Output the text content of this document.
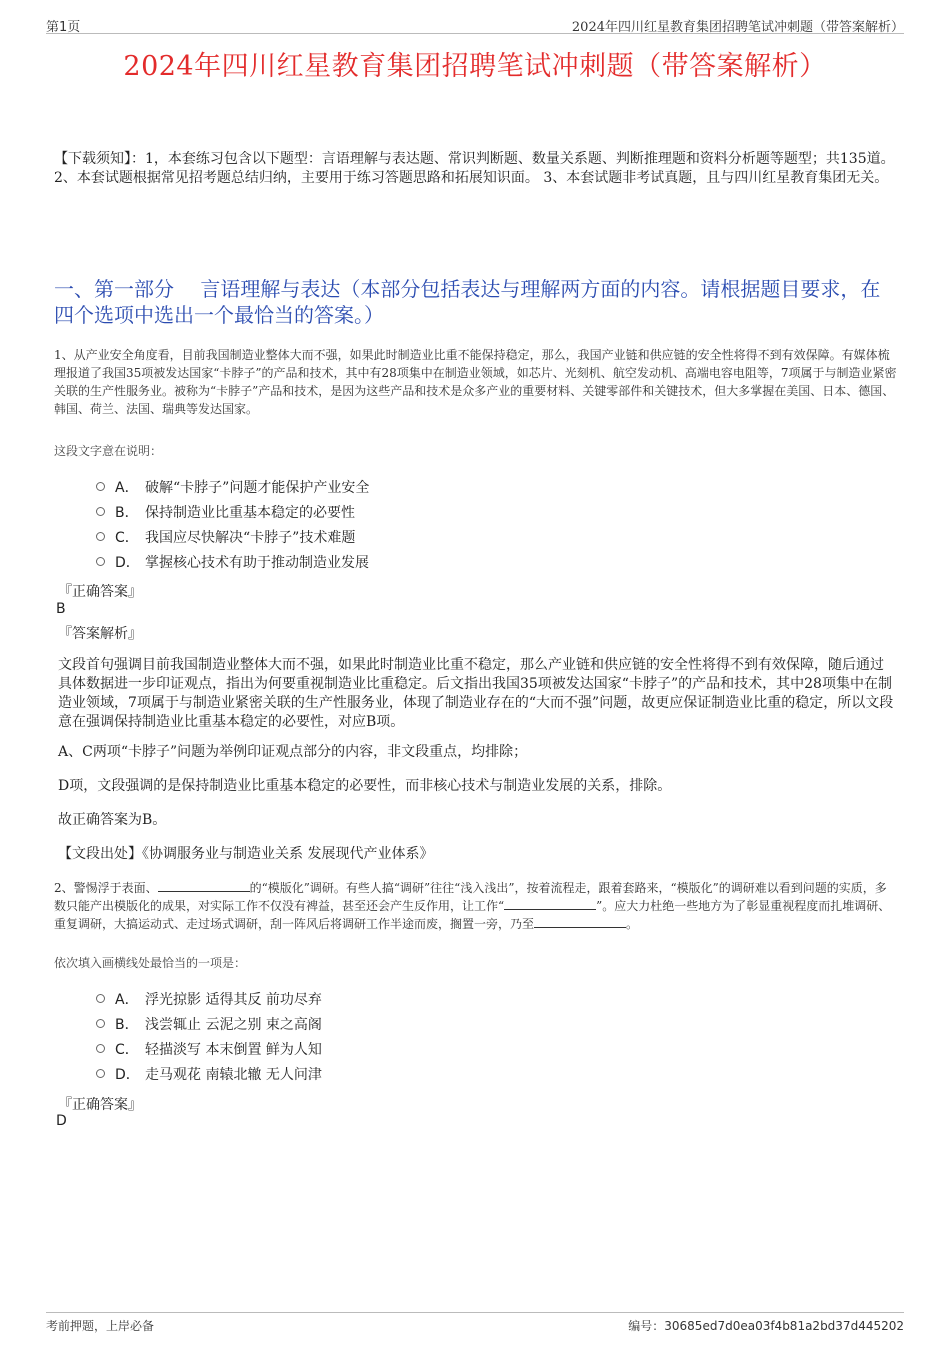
第1页	2024年四川红星教育集团招聘笔试冲刺题（带答案解析）
2024年四川红星教育集团招聘笔试冲刺题（带答案解析）
【下载须知】：1，本套练习包含以下题型：言语理解与表达题、常识判断题、数量关系题、判断推理题和资料分析题等题型；共135道。 2、本套试题根据常见招考题总结归纳，主要用于练习答题思路和拓展知识面。 3、本套试题非考试真题，且与四川红星教育集团无关。
一、第一部分　 言语理解与表达（本部分包括表达与理解两方面的内容。请根据题目要求，在四个选项中选出一个最恰当的答案。）
1、从产业安全角度看，目前我国制造业整体大而不强，如果此时制造业比重不能保持稳定，那么，我国产业链和供应链的安全性将得不到有效保障。有媒体梳理报道了我国35项被发达国家“卡脖子”的产品和技术，其中有28项集中在制造业领域，如芯片、光刻机、航空发动机、高端电容电阻等，7项属于与制造业紧密关联的生产性服务业。被称为“卡脖子”产品和技术，是因为这些产品和技术是众多产业的重要材料、关键零部件和关键技术，但大多掌握在美国、日本、德国、韩国、荷兰、法国、瑞典等发达国家。
这段文字意在说明：
A． 破解“卡脖子”问题才能保护产业安全
B． 保持制造业比重基本稳定的必要性
C． 我国应尽快解决“卡脖子”技术难题
D． 掌握核心技术有助于推动制造业发展
『正确答案』
B
『答案解析』
文段首句强调目前我国制造业整体大而不强，如果此时制造业比重不稳定，那么产业链和供应链的安全性将得不到有效保障，随后通过具体数据进一步印证观点，指出为何要重视制造业比重稳定。后文指出我国35项被发达国家“卡脖子”的产品和技术，其中28项集中在制造业领域，7项属于与制造业紧密关联的生产性服务业，体现了制造业存在的“大而不强”问题，故更应保证制造业比重的稳定，所以文段意在强调保持制造业比重基本稳定的必要性，对应B项。
A、C两项“卡脖子”问题为举例印证观点部分的内容，非文段重点，均排除；
D项，文段强调的是保持制造业比重基本稳定的必要性，而非核心技术与制造业发展的关系，排除。
故正确答案为B。
【文段出处】《协调服务业与制造业关系 发展现代产业体系》
2、警惕浮于表面、	的“模版化”调研。有些人搞“调研”往往“浅入浅出”，按着流程走，跟着套路来，“模版化”的调研难以看到问题的实质，多数只能产出模版化的成果，对实际工作不仅没有裨益，甚至还会产生反作用，让工作“	”。应大力杜绝一些地方为了彰显重视程度而扎堆调研、重复调研，大搞运动式、走过场式调研，刮一阵风后将调研工作半途而废，搁置一旁，乃至	。
依次填入画横线处最恰当的一项是：
A． 浮光掠影 适得其反 前功尽弃
B． 浅尝辄止 云泥之别 束之高阁
C． 轻描淡写 本末倒置 鲜为人知
D． 走马观花 南辕北辙 无人问津
『正确答案』
D
考前押题，上岸必备	编号：30685ed7d0ea03f4b81a2bd37d445202
